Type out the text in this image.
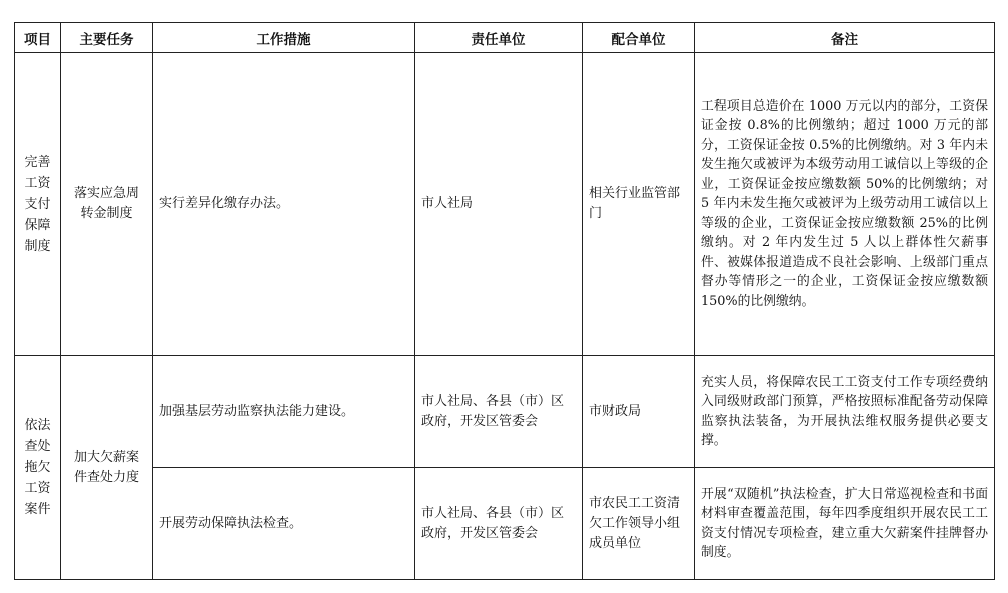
项目	主要任务	工作措施	责任单位	配合单位	备注
完善工资支付保障制度	落实应急周转金制度	实行差异化缴存办法。	市人社局	相关行业监管部门	工程项目总造价在 1000 万元以内的部分，工资保证金按 0.8%的比例缴纳；超过 1000 万元的部分，工资保证金按 0.5%的比例缴纳。对 3 年内未发生拖欠或被评为本级劳动用工诚信以上等级的企业，工资保证金按应缴数额 50%的比例缴纳；对 5 年内未发生拖欠或被评为上级劳动用工诚信以上等级的企业，工资保证金按应缴数额 25%的比例缴纳。对 2 年内发生过 5 人以上群体性欠薪事件、被媒体报道造成不良社会影响、上级部门重点督办等情形之一的企业，工资保证金按应缴数额 150%的比例缴纳。
依法查处拖欠工资案件	加大欠薪案件查处力度	加强基层劳动监察执法能力建设。	市人社局、各县（市）区政府，开发区管委会	市财政局	充实人员，将保障农民工工资支付工作专项经费纳入同级财政部门预算，严格按照标准配备劳动保障监察执法装备，为开展执法维权服务提供必要支撑。
		开展劳动保障执法检查。	市人社局、各县（市）区政府，开发区管委会	市农民工工资清欠工作领导小组成员单位	开展“双随机”执法检查，扩大日常巡视检查和书面材料审查覆盖范围，每年四季度组织开展农民工工资支付情况专项检查，建立重大欠薪案件挂牌督办制度。
